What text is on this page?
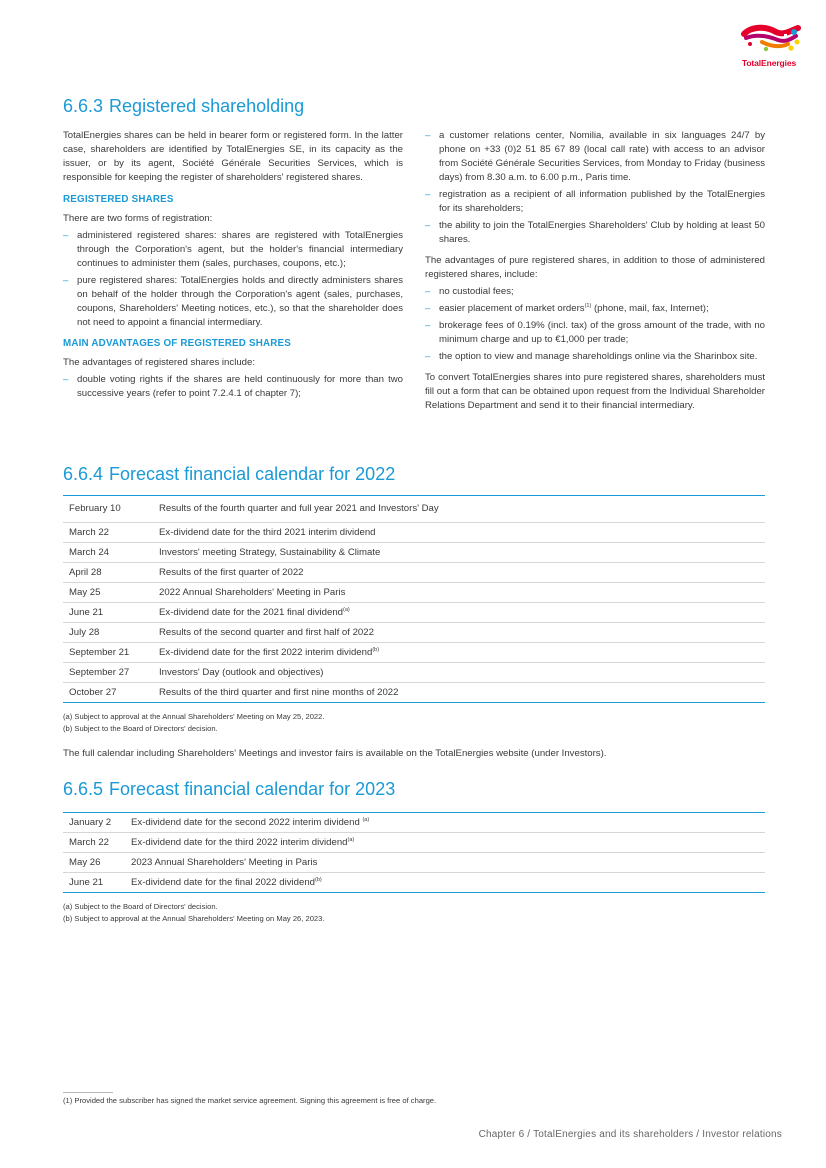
TotalEnergies
6.6.3 Registered shareholding

TotalEnergies shares can be held in bearer form or registered form. In the latter case, shareholders are identified by TotalEnergies SE, in its capacity as the issuer, or by its agent, Société Générale Securities Services, which is responsible for keeping the register of shareholders' registered shares.

REGISTERED SHARES

There are two forms of registration:

– administered registered shares: shares are registered with TotalEnergies through the Corporation's agent, but the holder's financial intermediary continues to administer them (sales, purchases, coupons, etc.);
– pure registered shares: TotalEnergies holds and directly administers shares on behalf of the holder through the Corporation's agent (sales, purchases, coupons, Shareholders' Meeting notices, etc.), so that the shareholder does not need to appoint a financial intermediary.
MAIN ADVANTAGES OF REGISTERED SHARES

The advantages of registered shares include:

– double voting rights if the shares are held continuously for more than two successive years (refer to point 7.2.4.1 of chapter 7);
– a customer relations center, Nomilia, available in six languages 24/7 by phone on +33 (0)2 51 85 67 89 (local call rate) with access to an advisor from Société Générale Securities Services, from Monday to Friday (business days) from 8.30 a.m. to 6.00 p.m., Paris time.
– registration as a recipient of all information published by the TotalEnergies for its shareholders;
– the ability to join the TotalEnergies Shareholders' Club by holding at least 50 shares.

The advantages of pure registered shares, in addition to those of administered registered shares, include:

– no custodial fees;
– easier placement of market orders$^{(1)}$ (phone, mail, fax, Internet);
– brokerage fees of 0.19% (incl. tax) of the gross amount of the trade, with no minimum charge and up to €1,000 per trade;
– the option to view and manage shareholdings online via the Sharinbox site.

To convert TotalEnergies shares into pure registered shares, shareholders must fill out a form that can be obtained upon request from the Individual Shareholder Relations Department and send it to their financial intermediary.

6.6.4 Forecast financial calendar for 2022
February 10	Results of the fourth quarter and full year 2021 and Investors' Day
March 22	Ex-dividend date for the third 2021 interim dividend
March 24	Investors' meeting Strategy, Sustainability & Climate
April 28	Results of the first quarter of 2022
May 25	2022 Annual Shareholders' Meeting in Paris
June 21	Ex-dividend date for the 2021 final dividend$^{(a)}$
July 28	Results of the second quarter and first half of 2022
September 21	Ex-dividend date for the first 2022 interim dividend$^{(b)}$
September 27	Investors' Day (outlook and objectives)
October 27	Results of the third quarter and first nine months of 2022
(a) Subject to approval at the Annual Shareholders' Meeting on May 25, 2022.
(b) Subject to the Board of Directors' decision.

The full calendar including Shareholders' Meetings and investor fairs is available on the TotalEnergies website (under Investors).

6.6.5 Forecast financial calendar for 2023
January 2	Ex-dividend date for the second 2022 interim dividend $^{(a)}$
March 22	Ex-dividend date for the third 2022 interim dividend$^{(a)}$
May 26	2023 Annual Shareholders' Meeting in Paris
June 21	Ex-dividend date for the final 2022 dividend$^{(b)}$
(a) Subject to the Board of Directors' decision.
(b) Subject to approval at the Annual Shareholders' Meeting on May 26, 2023.
(1) Provided the subscriber has signed the market service agreement. Signing this agreement is free of charge.
Chapter 6 / TotalEnergies and its shareholders / Investor relations
